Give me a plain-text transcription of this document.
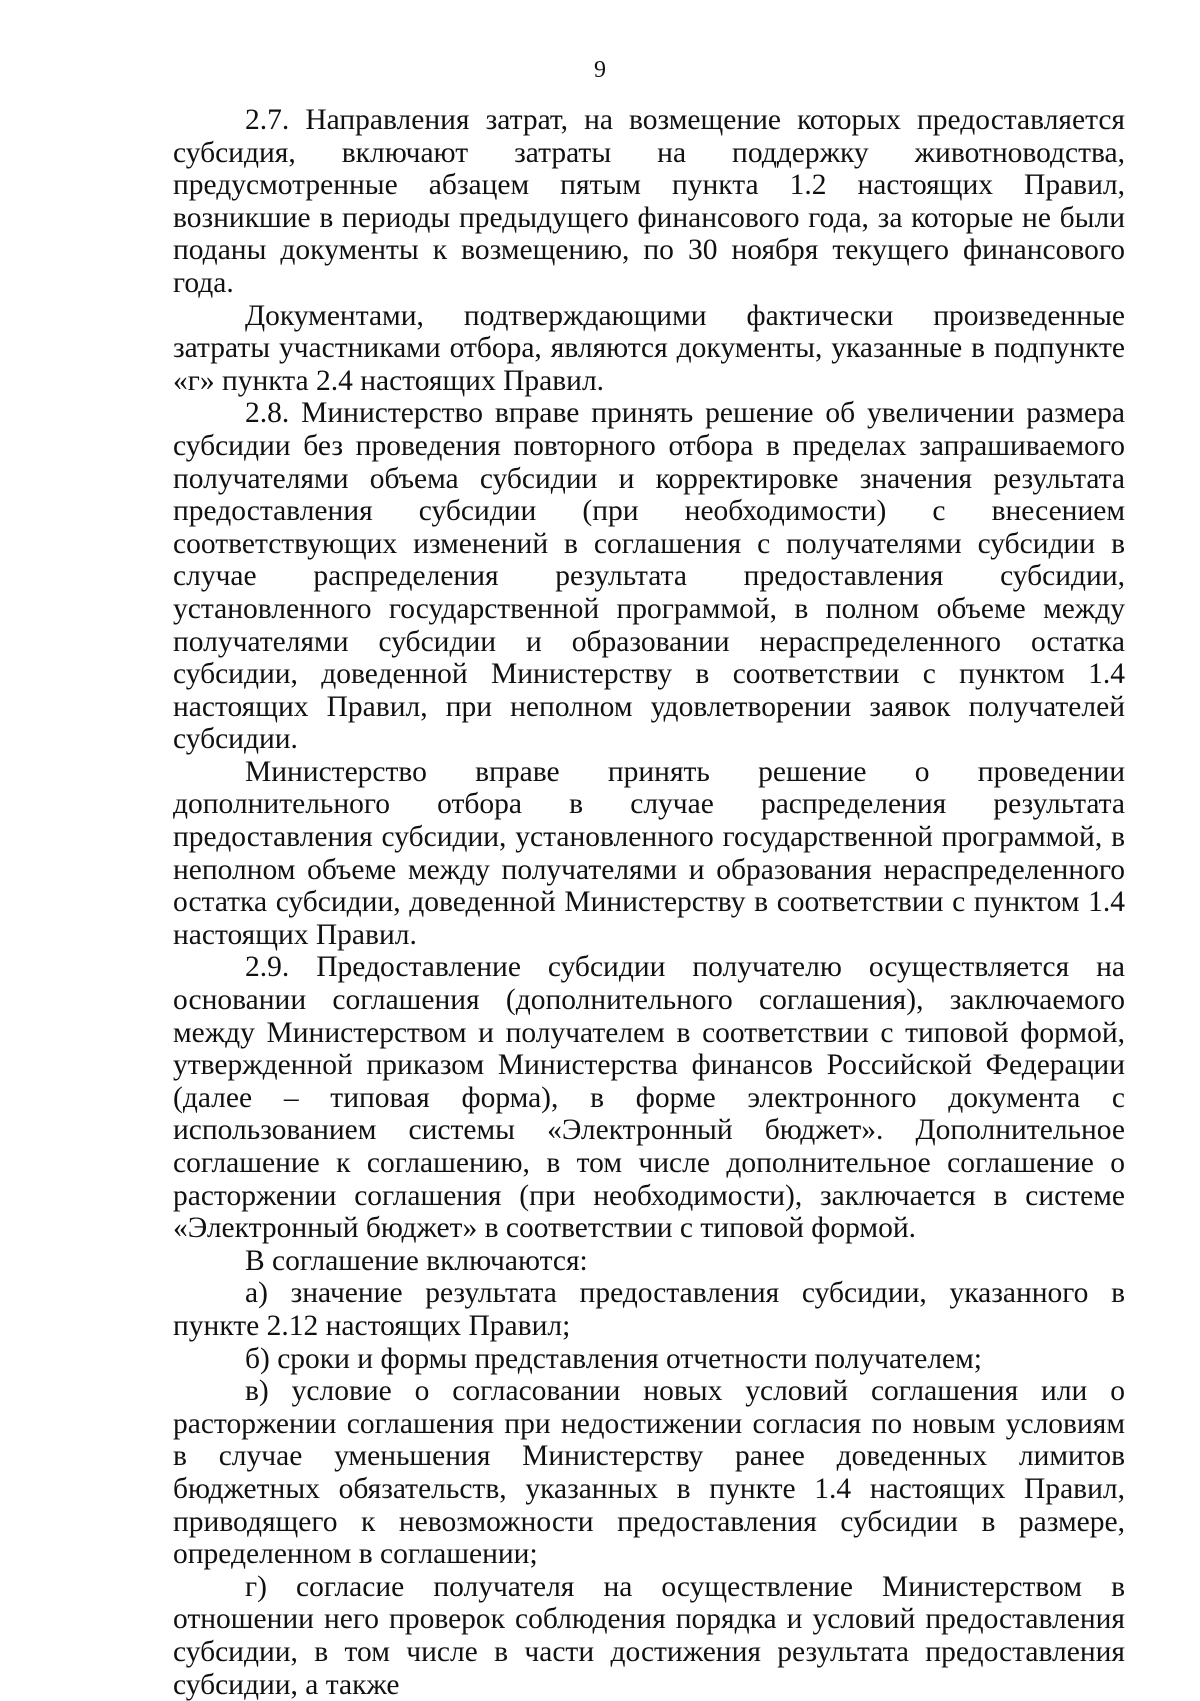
9

2.7. Направления затрат, на возмещение которых предоставляется субсидия, включают затраты на поддержку животноводства, предусмотренные абзацем пятым пункта 1.2 настоящих Правил, возникшие в периоды предыдущего финансового года, за которые не были поданы документы к возмещению, по 30 ноября текущего финансового года.

Документами, подтверждающими фактически произведенные затраты участниками отбора, являются документы, указанные в подпункте «г» пункта 2.4 настоящих Правил.

2.8. Министерство вправе принять решение об увеличении размера субсидии без проведения повторного отбора в пределах запрашиваемого получателями объема субсидии и корректировке значения результата предоставления субсидии (при необходимости) с внесением соответствующих изменений в соглашения с получателями субсидии в случае распределения результата предоставления субсидии, установленного государственной программой, в полном объеме между получателями субсидии и образовании нераспределенного остатка субсидии, доведенной Министерству в соответствии с пунктом 1.4 настоящих Правил, при неполном удовлетворении заявок получателей субсидии.

Министерство вправе принять решение о проведении дополнительного отбора в случае распределения результата предоставления субсидии, установленного государственной программой, в неполном объеме между получателями и образования нераспределенного остатка субсидии, доведенной Министерству в соответствии с пунктом 1.4 настоящих Правил.

2.9. Предоставление субсидии получателю осуществляется на основании соглашения (дополнительного соглашения), заключаемого между Министерством и получателем в соответствии с типовой формой, утвержденной приказом Министерства финансов Российской Федерации (далее – типовая форма), в форме электронного документа с использованием системы «Электронный бюджет». Дополнительное соглашение к соглашению, в том числе дополнительное соглашение о расторжении соглашения (при необходимости), заключается в системе «Электронный бюджет» в соответствии с типовой формой.

В соглашение включаются:

а) значение результата предоставления субсидии, указанного в пункте 2.12 настоящих Правил;

б) сроки и формы представления отчетности получателем;

в) условие о согласовании новых условий соглашения или о расторжении соглашения при недостижении согласия по новым условиям в случае уменьшения Министерству ранее доведенных лимитов бюджетных обязательств, указанных в пункте 1.4 настоящих Правил, приводящего к невозможности предоставления субсидии в размере, определенном в соглашении;

г) согласие получателя на осуществление Министерством в отношении него проверок соблюдения порядка и условий предоставления субсидии, в том числе в части достижения результата предоставления субсидии, а также
